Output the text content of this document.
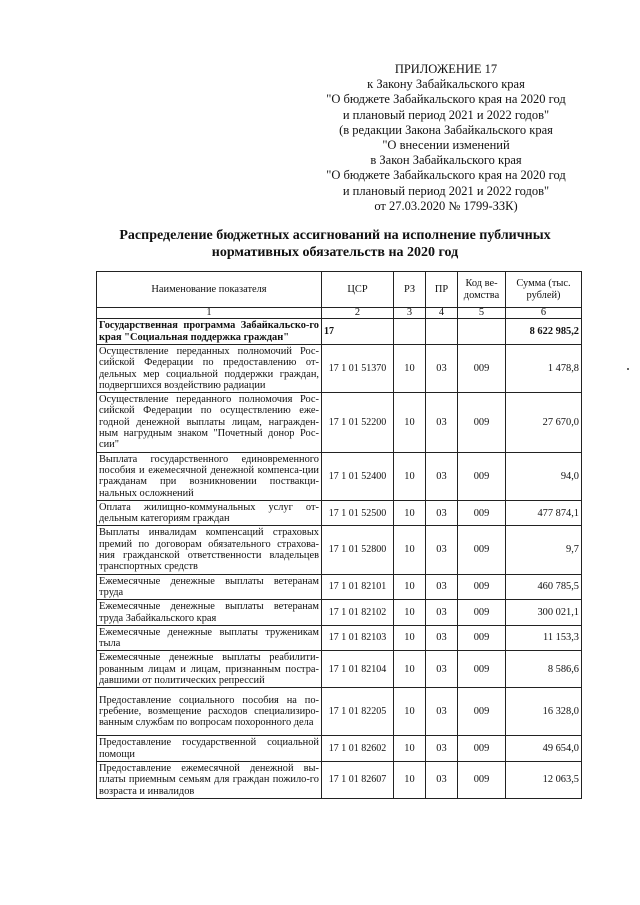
ПРИЛОЖЕНИЕ 17
к Закону Забайкальского края
"О бюджете Забайкальского края на 2020 год
и плановый период 2021 и 2022 годов"
(в редакции Закона Забайкальского края
"О внесении изменений
в Закон Забайкальского края
"О бюджете Забайкальского края на 2020 год
и плановый период 2021 и 2022 годов"
от 27.03.2020 № 1799-ЗЗК)
Распределение бюджетных ассигнований на исполнение публичных
нормативных обязательств на 2020 год
Наименование показателя	ЦСР	РЗ	ПР	Код ве-домства	Сумма (тыс. рублей)
1	2	3	4	5	6
Государственная программа Забайкальско-го края "Социальная поддержка граждан"	17				8 622 985,2
Осуществление переданных полномочий Рос-сийской Федерации по предоставлению от-дельных мер социальной поддержки граждан, подвергшихся воздействию радиации	17 1 01 51370	10	03	009	1 478,8
Осуществление переданного полномочия Рос-сийской Федерации по осуществлению еже-годной денежной выплаты лицам, награжден-ным нагрудным знаком "Почетный донор Рос-сии"	17 1 01 52200	10	03	009	27 670,0
Выплата государственного единовременного пособия и ежемесячной денежной компенса-ции гражданам при возникновении поствакци-нальных осложнений	17 1 01 52400	10	03	009	94,0
Оплата жилищно-коммунальных услуг от-дельным категориям граждан	17 1 01 52500	10	03	009	477 874,1
Выплаты инвалидам компенсаций страховых премий по договорам обязательного страхова-ния гражданской ответственности владельцев транспортных средств	17 1 01 52800	10	03	009	9,7
Ежемесячные денежные выплаты ветеранам труда	17 1 01 82101	10	03	009	460 785,5
Ежемесячные денежные выплаты ветеранам труда Забайкальского края	17 1 01 82102	10	03	009	300 021,1
Ежемесячные денежные выплаты труженикам тыла	17 1 01 82103	10	03	009	11 153,3
Ежемесячные денежные выплаты реабилити-рованным лицам и лицам, признанным постра-давшими от политических репрессий	17 1 01 82104	10	03	009	8 586,6
Предоставление социального пособия на по-гребение, возмещение расходов специализиро-ванным службам по вопросам похоронного дела	17 1 01 82205	10	03	009	16 328,0
Предоставление государственной социальной помощи	17 1 01 82602	10	03	009	49 654,0
Предоставление ежемесячной денежной вы-платы приемным семьям для граждан пожило-го возраста и инвалидов	17 1 01 82607	10	03	009	12 063,5
